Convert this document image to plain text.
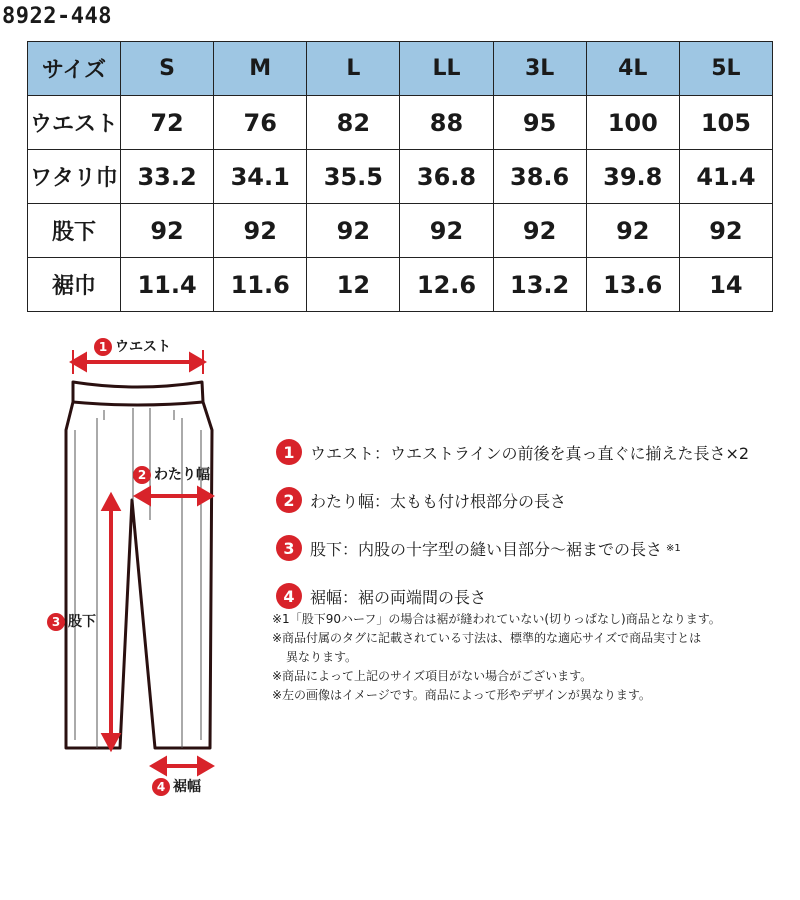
8922-448
サイズ	S	M	L	LL	3L	4L	5L
ウエスト	72	76	82	88	95	100	105
ワタリ巾	33.2	34.1	35.5	36.8	38.6	39.8	41.4
股下	92	92	92	92	92	92	92
裾巾	11.4	11.6	12	12.6	13.2	13.6	14
1 ウエスト
2 わたり幅
3 股下
4 裾幅
1 ウエスト：ウエストラインの前後を真っ直ぐに揃えた長さ×2
2 わたり幅：太もも付け根部分の長さ
3 股下：内股の十字型の縫い目部分～裾までの長さ ※1
4 裾幅：裾の両端間の長さ
※1「股下90ハーフ」の場合は裾が縫われていない(切りっぱなし)商品となります。
※商品付属のタグに記載されている寸法は、標準的な適応サイズで商品実寸とは
異なります。
※商品によって上記のサイズ項目がない場合がございます。
※左の画像はイメージです。商品によって形やデザインが異なります。
